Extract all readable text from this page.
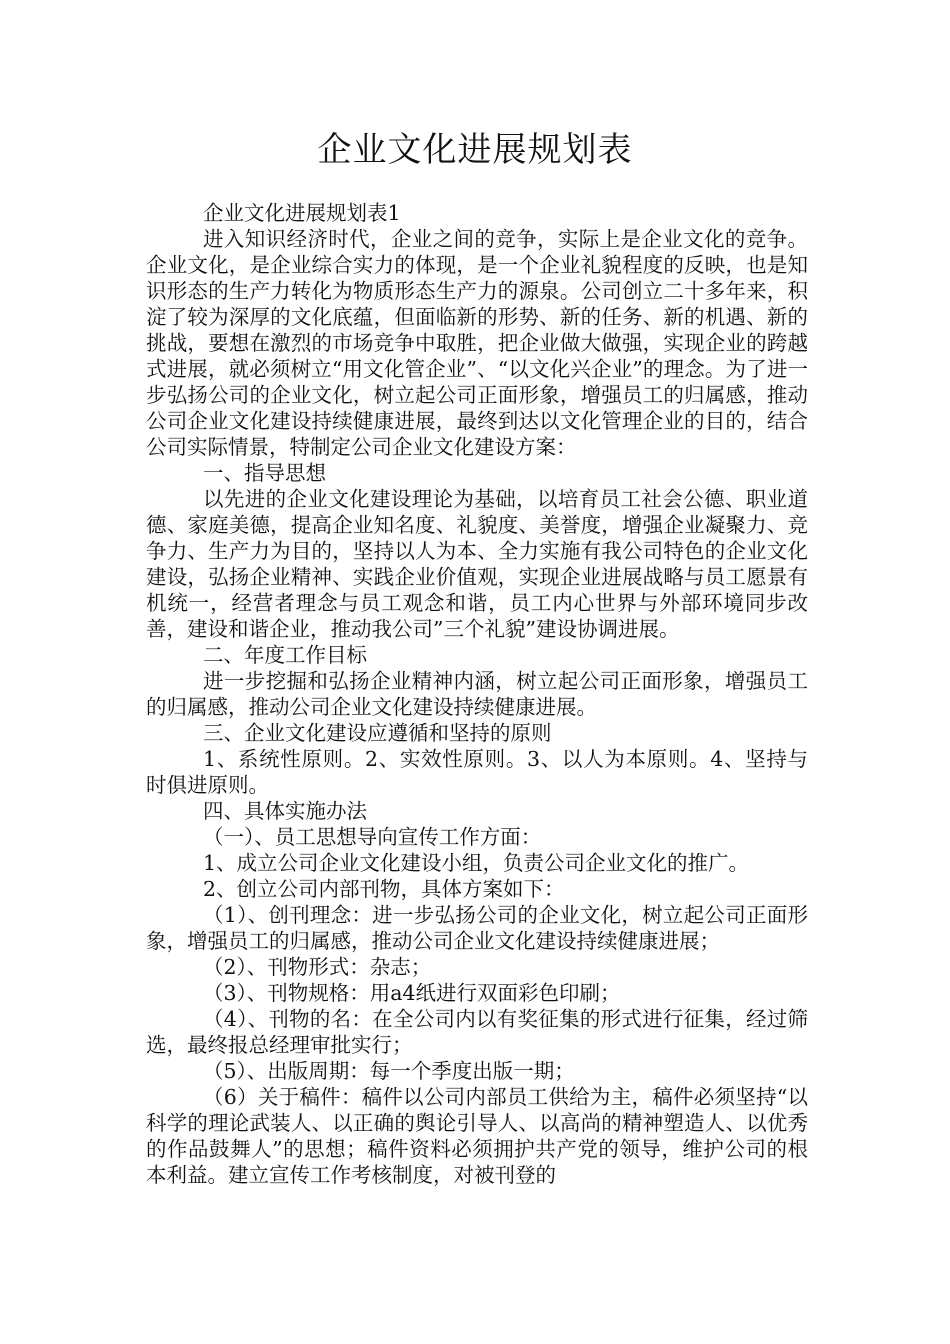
企业文化进展规划表

企业文化进展规划表1

进入知识经济时代，企业之间的竞争，实际上是企业文化的竞争。企业文化，是企业综合实力的体现，是一个企业礼貌程度的反映，也是知识形态的生产力转化为物质形态生产力的源泉。公司创立二十多年来，积淀了较为深厚的文化底蕴，但面临新的形势、新的任务、新的机遇、新的挑战，要想在激烈的市场竞争中取胜，把企业做大做强，实现企业的跨越式进展，就必须树立“用文化管企业”、“以文化兴企业”的理念。为了进一步弘扬公司的企业文化，树立起公司正面形象，增强员工的归属感，推动公司企业文化建设持续健康进展，最终到达以文化管理企业的目的，结合公司实际情景，特制定公司企业文化建设方案：

一、指导思想

以先进的企业文化建设理论为基础，以培育员工社会公德、职业道德、家庭美德，提高企业知名度、礼貌度、美誉度，增强企业凝聚力、竞争力、生产力为目的，坚持以人为本、全力实施有我公司特色的企业文化建设，弘扬企业精神、实践企业价值观，实现企业进展战略与员工愿景有机统一，经营者理念与员工观念和谐，员工内心世界与外部环境同步改善，建设和谐企业，推动我公司”三个礼貌”建设协调进展。

二、年度工作目标

进一步挖掘和弘扬企业精神内涵，树立起公司正面形象，增强员工的归属感，推动公司企业文化建设持续健康进展。

三、企业文化建设应遵循和坚持的原则

1、系统性原则。2、实效性原则。3、以人为本原则。4、坚持与时俱进原则。

四、具体实施办法

（一）、员工思想导向宣传工作方面：

1、成立公司企业文化建设小组，负责公司企业文化的推广。

2、创立公司内部刊物，具体方案如下：

（1）、创刊理念：进一步弘扬公司的企业文化，树立起公司正面形象，增强员工的归属感，推动公司企业文化建设持续健康进展；

（2）、刊物形式：杂志；

（3）、刊物规格：用a4纸进行双面彩色印刷；

（4）、刊物的名：在全公司内以有奖征集的形式进行征集，经过筛选，最终报总经理审批实行；

（5）、出版周期：每一个季度出版一期；

（6）关于稿件：稿件以公司内部员工供给为主，稿件必须坚持“以科学的理论武装人、以正确的舆论引导人、以高尚的精神塑造人、以优秀的作品鼓舞人”的思想；稿件资料必须拥护共产党的领导，维护公司的根本利益。建立宣传工作考核制度，对被刊登的
